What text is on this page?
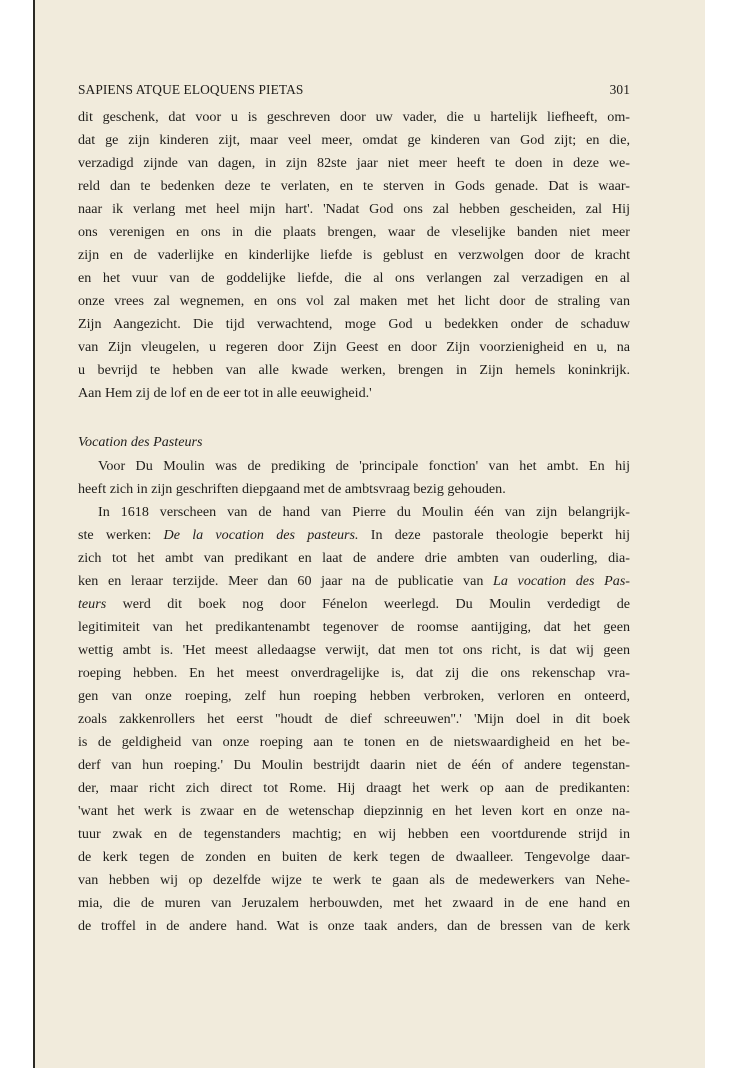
SAPIENS ATQUE ELOQUENS PIETAS	301
dit geschenk, dat voor u is geschreven door uw vader, die u hartelijk liefheeft, om-
dat ge zijn kinderen zijt, maar veel meer, omdat ge kinderen van God zijt; en die,
verzadigd zijnde van dagen, in zijn 82ste jaar niet meer heeft te doen in deze we-
reld dan te bedenken deze te verlaten, en te sterven in Gods genade. Dat is waar-
naar ik verlang met heel mijn hart'. 'Nadat God ons zal hebben gescheiden, zal Hij
ons verenigen en ons in die plaats brengen, waar de vleselijke banden niet meer
zijn en de vaderlijke en kinderlijke liefde is geblust en verzwolgen door de kracht
en het vuur van de goddelijke liefde, die al ons verlangen zal verzadigen en al
onze vrees zal wegnemen, en ons vol zal maken met het licht door de straling van
Zijn Aangezicht. Die tijd verwachtend, moge God u bedekken onder de schaduw
van Zijn vleugelen, u regeren door Zijn Geest en door Zijn voorzienigheid en u, na
u bevrijd te hebben van alle kwade werken, brengen in Zijn hemels koninkrijk.
Aan Hem zij de lof en de eer tot in alle eeuwigheid.'
Vocation des Pasteurs
Voor Du Moulin was de prediking de 'principale fonction' van het ambt. En hij
heeft zich in zijn geschriften diepgaand met de ambtsvraag bezig gehouden.
In 1618 verscheen van de hand van Pierre du Moulin één van zijn belangrijk-
ste werken: De la vocation des pasteurs. In deze pastorale theologie beperkt hij
zich tot het ambt van predikant en laat de andere drie ambten van ouderling, dia-
ken en leraar terzijde. Meer dan 60 jaar na de publicatie van La vocation des Pas-
teurs werd dit boek nog door Fénelon weerlegd. Du Moulin verdedigt de
legitimiteit van het predikantenambt tegenover de roomse aantijging, dat het geen
wettig ambt is. 'Het meest alledaagse verwijt, dat men tot ons richt, is dat wij geen
roeping hebben. En het meest onverdragelijke is, dat zij die ons rekenschap vra-
gen van onze roeping, zelf hun roeping hebben verbroken, verloren en onteerd,
zoals zakkenrollers het eerst ''houdt de dief schreeuwen''.' 'Mijn doel in dit boek
is de geldigheid van onze roeping aan te tonen en de nietswaardigheid en het be-
derf van hun roeping.' Du Moulin bestrijdt daarin niet de één of andere tegenstan-
der, maar richt zich direct tot Rome. Hij draagt het werk op aan de predikanten:
'want het werk is zwaar en de wetenschap diepzinnig en het leven kort en onze na-
tuur zwak en de tegenstanders machtig; en wij hebben een voortdurende strijd in
de kerk tegen de zonden en buiten de kerk tegen de dwaalleer. Tengevolge daar-
van hebben wij op dezelfde wijze te werk te gaan als de medewerkers van Nehe-
mia, die de muren van Jeruzalem herbouwden, met het zwaard in de ene hand en
de troffel in de andere hand. Wat is onze taak anders, dan de bressen van de kerk
